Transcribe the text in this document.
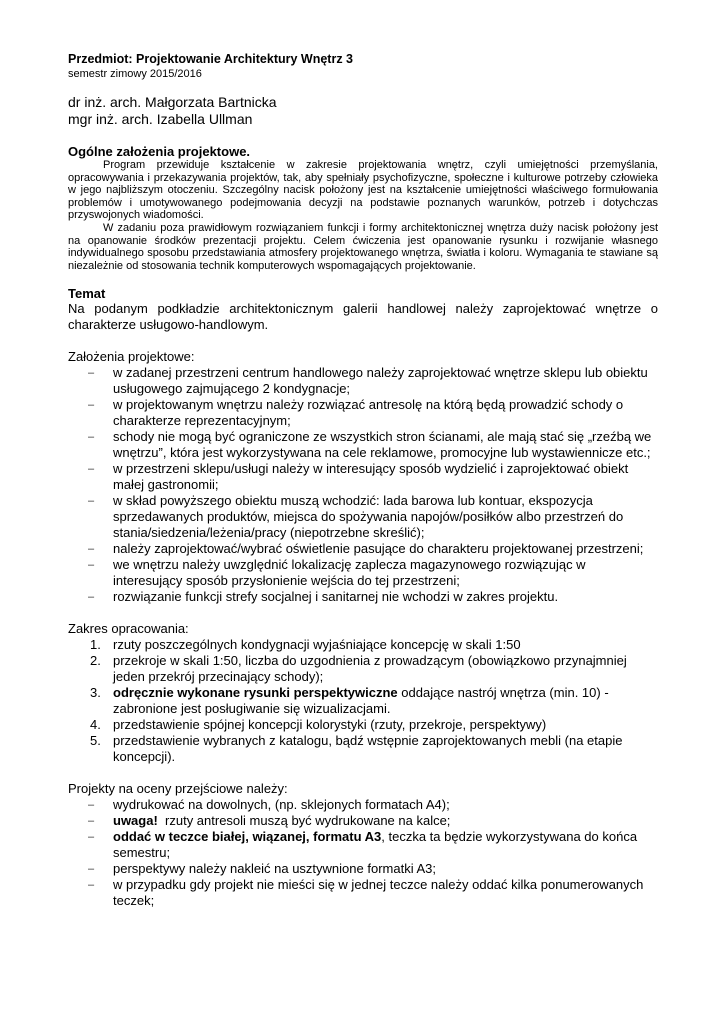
Przedmiot: Projektowanie Architektury Wnętrz 3
semestr zimowy 2015/2016
dr inż. arch. Małgorzata Bartnicka
mgr inż. arch. Izabella Ullman
Ogólne założenia projektowe.

Program przewiduje kształcenie w zakresie projektowania wnętrz, czyli umiejętności przemyślania, opracowywania i przekazywania projektów, tak, aby spełniały psychofizyczne, społeczne i kulturowe potrzeby człowieka w jego najbliższym otoczeniu. Szczególny nacisk położony jest na kształcenie umiejętności właściwego formułowania problemów i umotywowanego podejmowania decyzji na podstawie poznanych warunków, potrzeb i dotychczas przyswojonych wiadomości.

W zadaniu poza prawidłowym rozwiązaniem funkcji i formy architektonicznej wnętrza duży nacisk położony jest na opanowanie środków prezentacji projektu. Celem ćwiczenia jest opanowanie rysunku i rozwijanie własnego indywidualnego sposobu przedstawiania atmosfery projektowanego wnętrza, światła i koloru. Wymagania te stawiane są niezależnie od stosowania technik komputerowych wspomagających projektowanie.

Temat

Na podanym podkładzie architektonicznym galerii handlowej należy zaprojektować wnętrze o charakterze usługowo-handlowym.

Założenia projektowe:
– w zadanej przestrzeni centrum handlowego należy zaprojektować wnętrze sklepu lub obiektu usługowego zajmującego 2 kondygnacje;
– w projektowanym wnętrzu należy rozwiązać antresolę na którą będą prowadzić schody o charakterze reprezentacyjnym;
– schody nie mogą być ograniczone ze wszystkich stron ścianami, ale mają stać się „rzeźbą we wnętrzu”, która jest wykorzystywana na cele reklamowe, promocyjne lub wystawiennicze etc.;
– w przestrzeni sklepu/usługi należy w interesujący sposób wydzielić i zaprojektować obiekt małej gastronomii;
– w skład powyższego obiektu muszą wchodzić: lada barowa lub kontuar, ekspozycja sprzedawanych produktów, miejsca do spożywania napojów/posiłków albo przestrzeń do stania/siedzenia/leżenia/pracy (niepotrzebne skreślić);
– należy zaprojektować/wybrać oświetlenie pasujące do charakteru projektowanej przestrzeni;
– we wnętrzu należy uwzględnić lokalizację zaplecza magazynowego rozwiązując w interesujący sposób przysłonienie wejścia do tej przestrzeni;
– rozwiązanie funkcji strefy socjalnej i sanitarnej nie wchodzi w zakres projektu.
Zakres opracowania:
1. rzuty poszczególnych kondygnacji wyjaśniające koncepcję w skali 1:50
2. przekroje w skali 1:50, liczba do uzgodnienia z prowadzącym (obowiązkowo przynajmniej jeden przekrój przecinający schody);
3. odręcznie wykonane rysunki perspektywiczne oddające nastrój wnętrza (min. 10) - zabronione jest posługiwanie się wizualizacjami.
4. przedstawienie spójnej koncepcji kolorystyki (rzuty, przekroje, perspektywy)
5. przedstawienie wybranych z katalogu, bądź wstępnie zaprojektowanych mebli (na etapie koncepcji).
Projekty na oceny przejściowe należy:
– wydrukować na dowolnych, (np. sklejonych formatach A4);
– uwaga!  rzuty antresoli muszą być wydrukowane na kalce;
– oddać w teczce białej, wiązanej, formatu A3, teczka ta będzie wykorzystywana do końca semestru;
– perspektywy należy nakleić na usztywnione formatki A3;
– w przypadku gdy projekt nie mieści się w jednej teczce należy oddać kilka ponumerowanych teczek;
